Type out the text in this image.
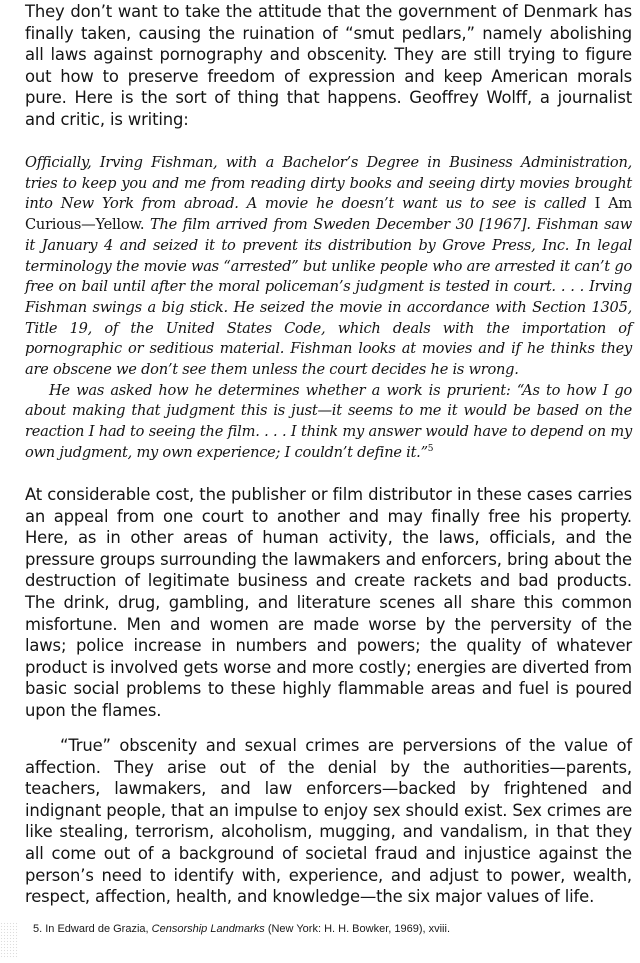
They don’t want to take the attitude that the government of Denmark has finally taken, causing the ruination of “smut pedlars,” namely abolishing all laws against pornography and obscenity. They are still trying to figure out how to preserve freedom of expression and keep American morals pure. Here is the sort of thing that happens. Geoffrey Wolff, a journalist and critic, is writing:

Officially, Irving Fishman, with a Bachelor’s Degree in Business Administration, tries to keep you and me from reading dirty books and seeing dirty movies brought into New York from abroad. A movie he doesn’t want us to see is called I Am Curious—Yellow. The film arrived from Sweden December 30 [1967]. Fishman saw it January 4 and seized it to prevent its distribution by Grove Press, Inc. In legal terminology the movie was “arrested” but unlike people who are arrested it can’t go free on bail until after the moral policeman’s judgment is tested in court. . . . Irving Fishman swings a big stick. He seized the movie in accordance with Section 1305, Title 19, of the United States Code, which deals with the importation of pornographic or seditious material. Fishman looks at movies and if he thinks they are obscene we don’t see them unless the court decides he is wrong.

He was asked how he determines whether a work is prurient: “As to how I go about making that judgment this is just—it seems to me it would be based on the reaction I had to seeing the film. . . . I think my answer would have to depend on my own judgment, my own experience; I couldn’t define it.”$^5$

At considerable cost, the publisher or film distributor in these cases carries an appeal from one court to another and may finally free his property. Here, as in other areas of human activity, the laws, officials, and the pressure groups surrounding the lawmakers and enforcers, bring about the destruction of legitimate business and create rackets and bad products. The drink, drug, gambling, and literature scenes all share this common misfortune. Men and women are made worse by the perversity of the laws; police increase in numbers and powers; the quality of whatever product is involved gets worse and more costly; energies are diverted from basic social problems to these highly flammable areas and fuel is poured upon the flames.

“True” obscenity and sexual crimes are perversions of the value of affection. They arise out of the denial by the authorities—parents, teachers, lawmakers, and law enforcers—backed by frightened and indignant people, that an impulse to enjoy sex should exist. Sex crimes are like stealing, terrorism, alcoholism, mugging, and vandalism, in that they all come out of a background of societal fraud and injustice against the person’s need to identify with, experience, and adjust to power, wealth, respect, affection, health, and knowledge—the six major values of life.

5. In Edward de Grazia, Censorship Landmarks (New York: H. H. Bowker, 1969), xviii.
